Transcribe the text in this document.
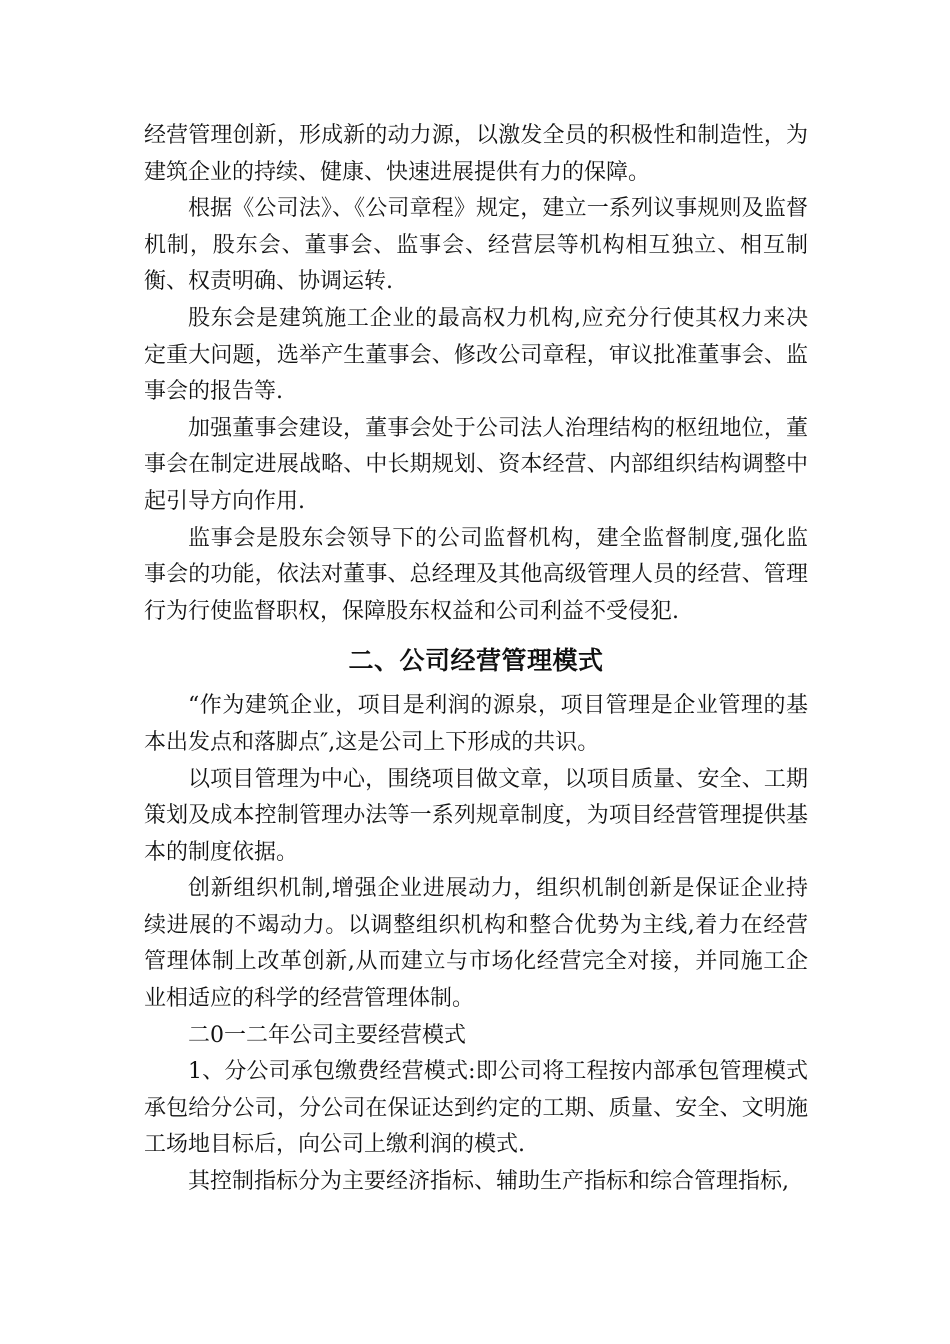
经营管理创新，形成新的动力源，以激发全员的积极性和制造性，为建筑企业的持续、健康、快速进展提供有力的保障。

根据《公司法》、《公司章程》规定，建立一系列议事规则及监督机制，股东会、董事会、监事会、经营层等机构相互独立、相互制衡、权责明确、协调运转.

股东会是建筑施工企业的最高权力机构,应充分行使其权力来决定重大问题，选举产生董事会、修改公司章程，审议批准董事会、监事会的报告等.

加强董事会建设，董事会处于公司法人治理结构的枢纽地位，董事会在制定进展战略、中长期规划、资本经营、内部组织结构调整中起引导方向作用.

监事会是股东会领导下的公司监督机构，建全监督制度,强化监事会的功能，依法对董事、总经理及其他高级管理人员的经营、管理行为行使监督职权，保障股东权益和公司利益不受侵犯.

二、公司经营管理模式

“作为建筑企业，项目是利润的源泉，项目管理是企业管理的基本出发点和落脚点″,这是公司上下形成的共识。

以项目管理为中心，围绕项目做文章，以项目质量、安全、工期策划及成本控制管理办法等一系列规章制度，为项目经营管理提供基本的制度依据。

创新组织机制,增强企业进展动力，组织机制创新是保证企业持续进展的不竭动力。以调整组织机构和整合优势为主线,着力在经营管理体制上改革创新,从而建立与市场化经营完全对接，并同施工企业相适应的科学的经营管理体制。

二0一二年公司主要经营模式

1、分公司承包缴费经营模式:即公司将工程按内部承包管理模式承包给分公司，分公司在保证达到约定的工期、质量、安全、文明施工场地目标后，向公司上缴利润的模式.

其控制指标分为主要经济指标、辅助生产指标和综合管理指标,
